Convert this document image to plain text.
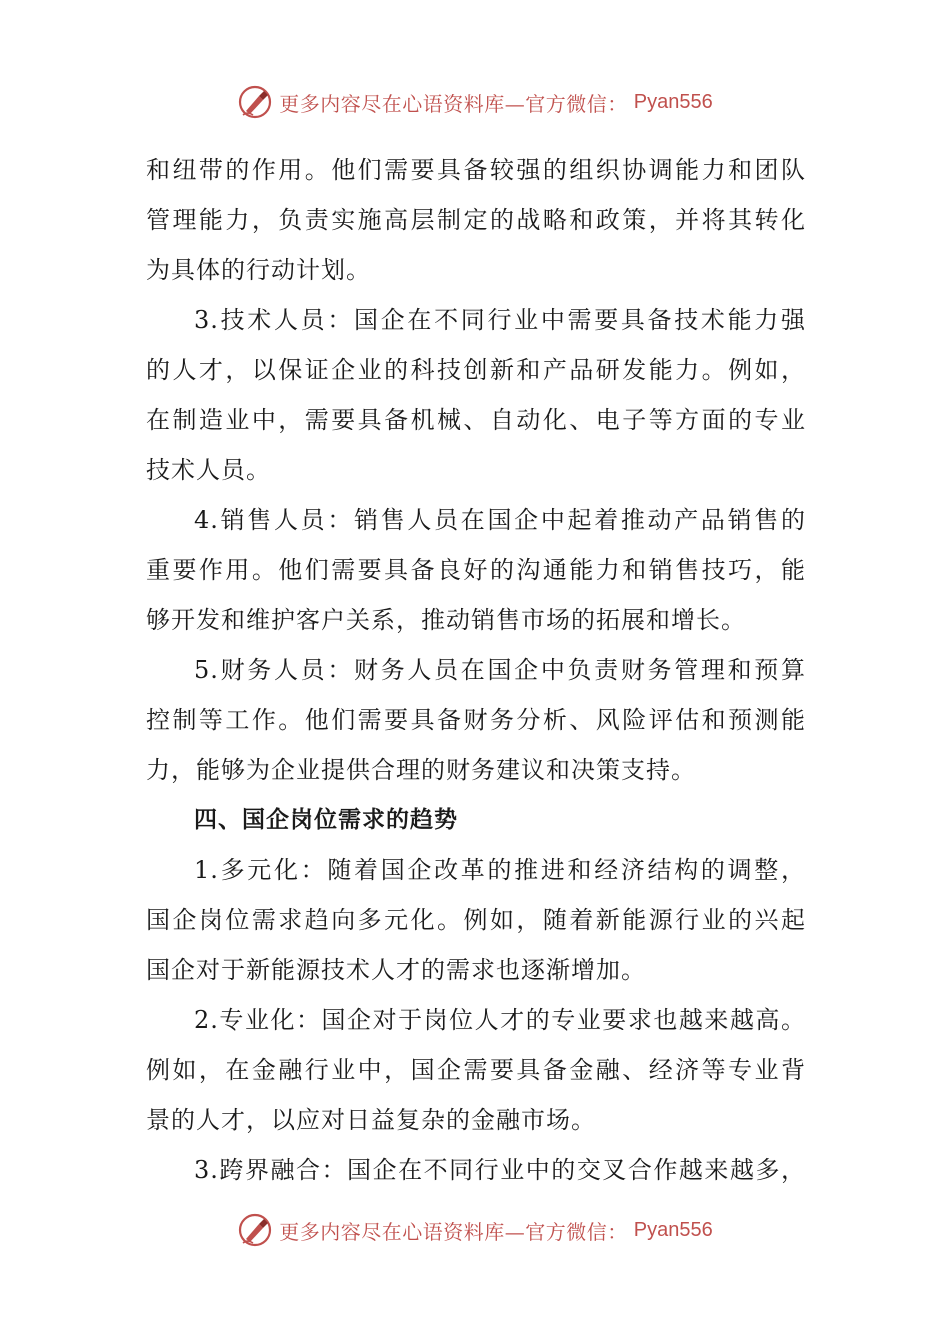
更多内容尽在心语资料库—官方微信： Pyan556
和纽带的作用。他们需要具备较强的组织协调能力和团队
管理能力，负责实施高层制定的战略和政策，并将其转化
为具体的行动计划。
3.技术人员：国企在不同行业中需要具备技术能力强
的人才，以保证企业的科技创新和产品研发能力。例如，
在制造业中，需要具备机械、自动化、电子等方面的专业
技术人员。
4.销售人员：销售人员在国企中起着推动产品销售的
重要作用。他们需要具备良好的沟通能力和销售技巧，能
够开发和维护客户关系，推动销售市场的拓展和增长。
5.财务人员：财务人员在国企中负责财务管理和预算
控制等工作。他们需要具备财务分析、风险评估和预测能
力，能够为企业提供合理的财务建议和决策支持。
四、国企岗位需求的趋势
1.多元化：随着国企改革的推进和经济结构的调整，
国企岗位需求趋向多元化。例如，随着新能源行业的兴起
国企对于新能源技术人才的需求也逐渐增加。
2.专业化：国企对于岗位人才的专业要求也越来越高。
例如，在金融行业中，国企需要具备金融、经济等专业背
景的人才，以应对日益复杂的金融市场。
3.跨界融合：国企在不同行业中的交叉合作越来越多，
更多内容尽在心语资料库—官方微信： Pyan556
